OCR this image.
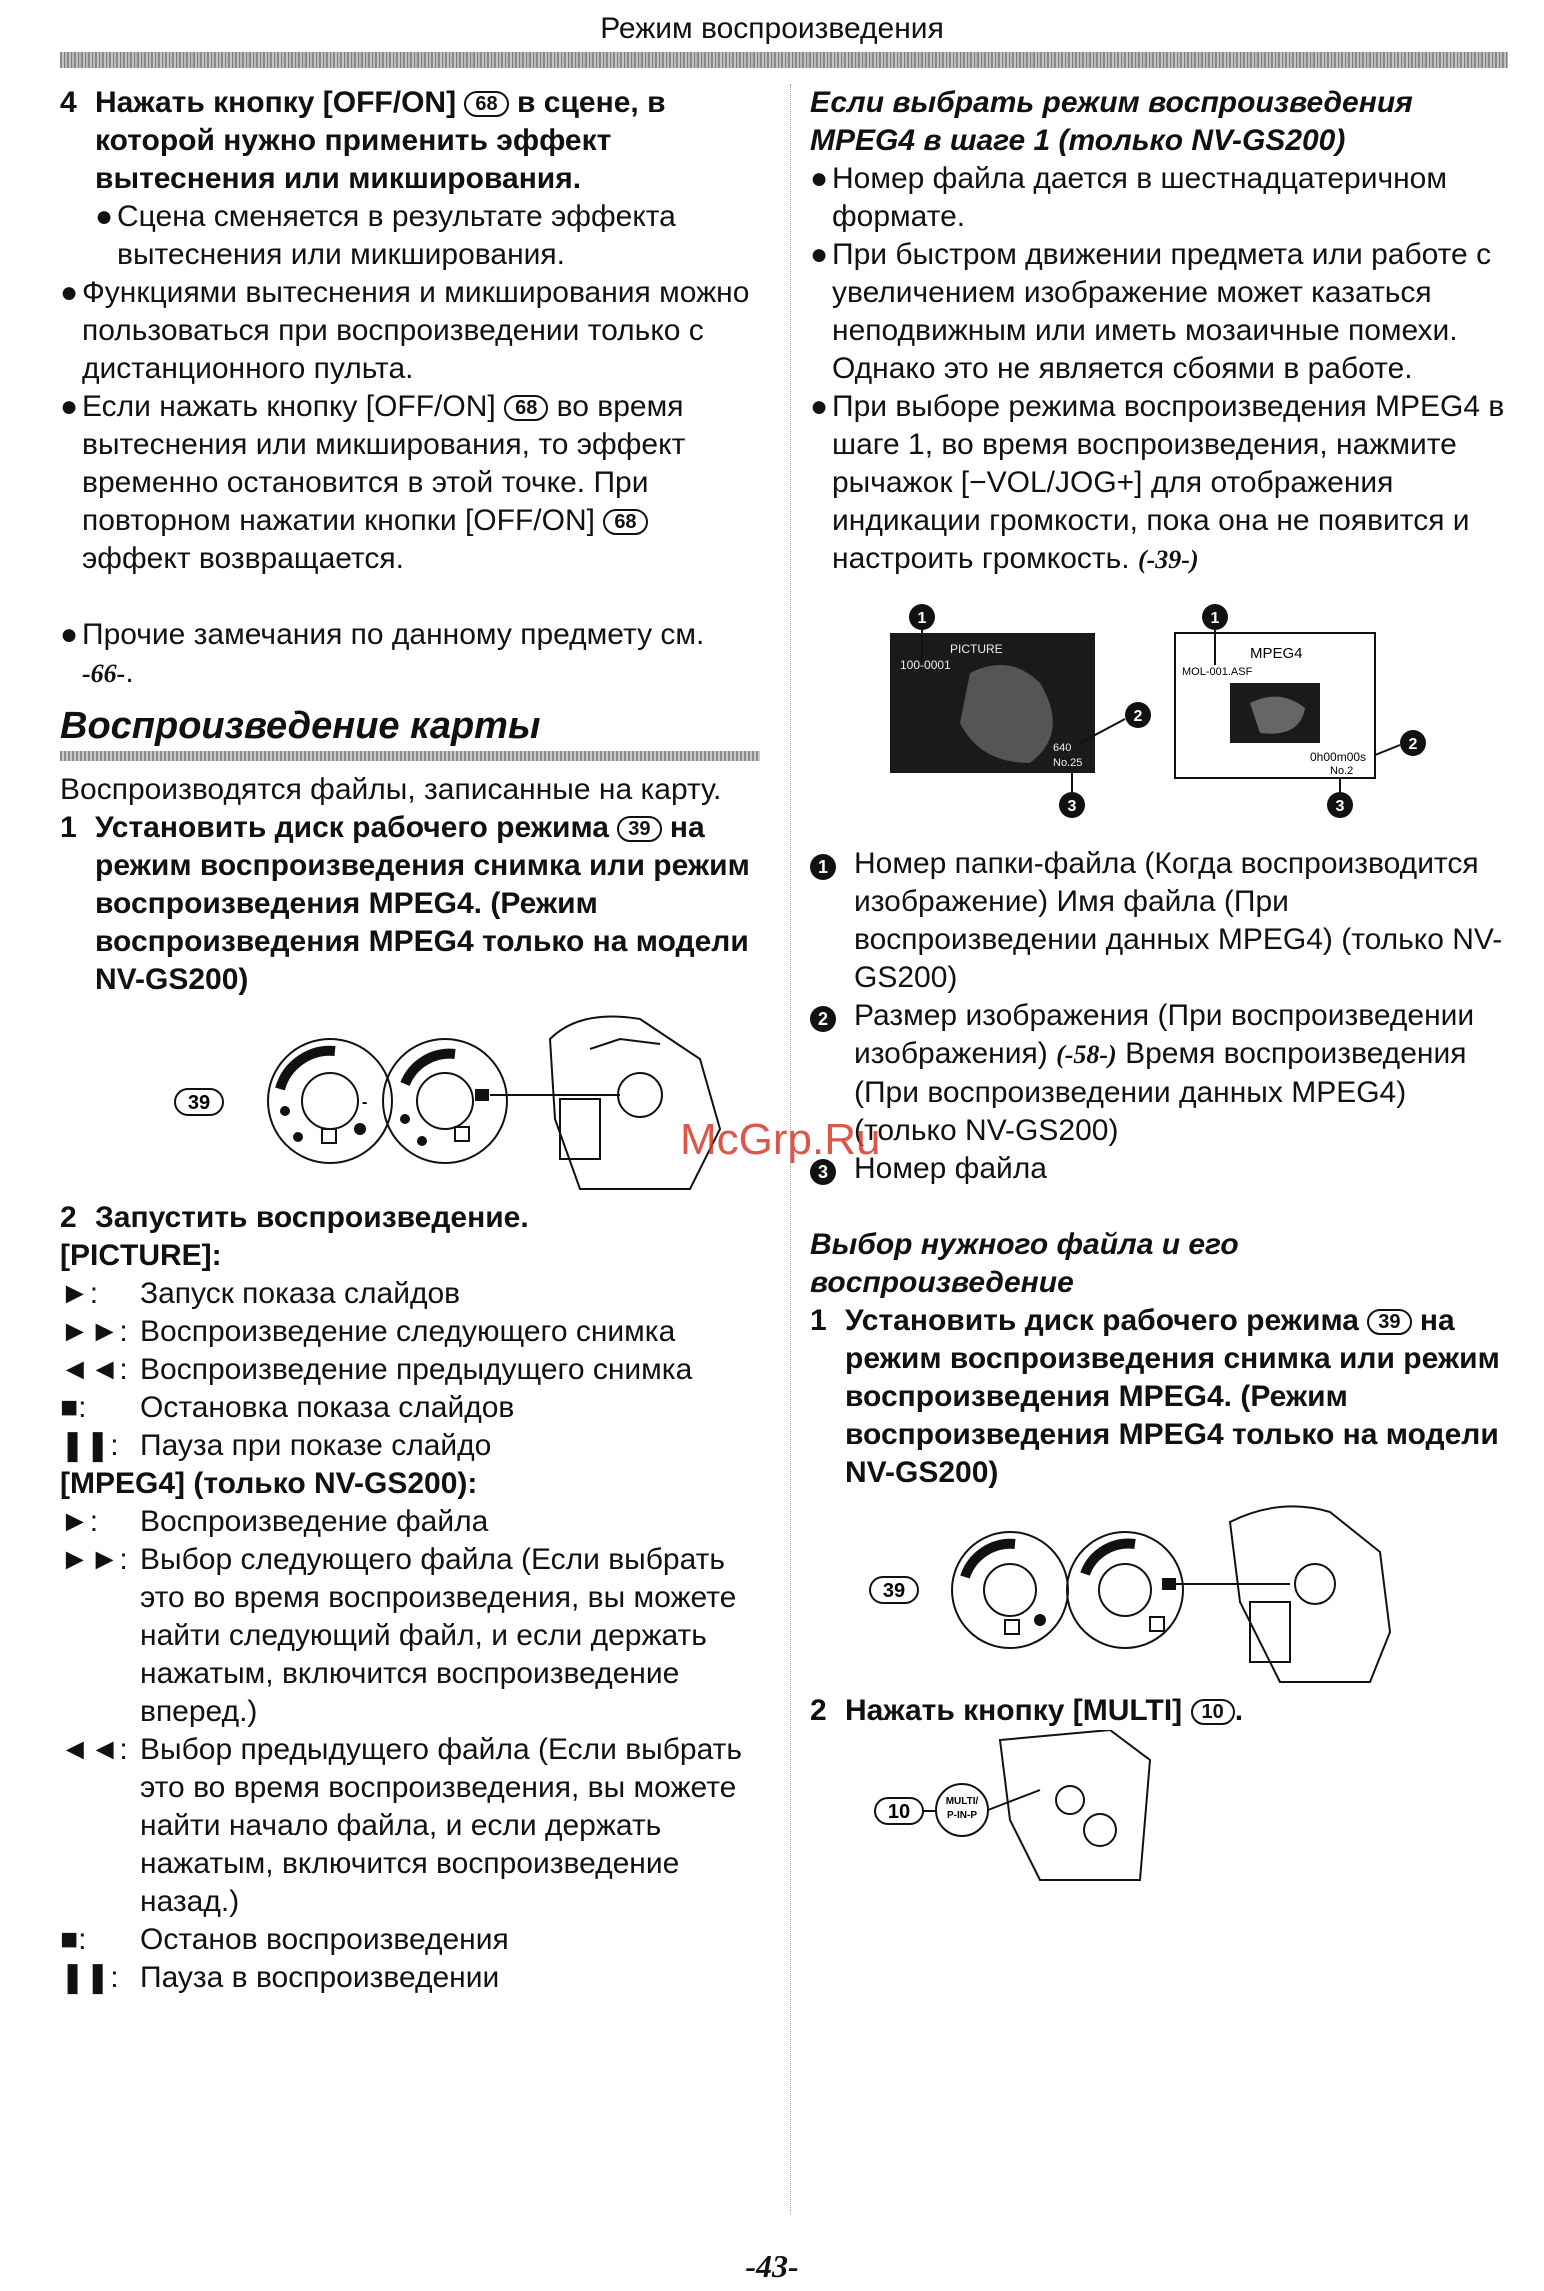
Режим воспроизведения
4 Нажать кнопку [OFF/ON] 68 в сцене, в которой нужно применить эффект вытеснения или микширования.
● Сцена сменяется в результате эффекта вытеснения или микширования.
● Функциями вытеснения и микширования можно пользоваться при воспроизведении только с дистанционного пульта.
● Если нажать кнопку [OFF/ON] 68 во время вытеснения или микширования, то эффект временно остановится в этой точке. При повторном нажатии кнопки [OFF/ON] 68 эффект возвращается.
● Прочие замечания по данному предмету см. -66-.
Воспроизведение карты
Воспроизводятся файлы, записанные на карту.
1 Установить диск рабочего режима 39 на режим воспроизведения снимка или режим воспроизведения MPEG4. (Режим воспроизведения MPEG4 только на модели NV-GS200)
39	-
2 Запустить воспроизведение.
[PICTURE]:
►:	Запуск показа слайдов
►►: Воспроизведение следующего снимка
◄◄: Воспроизведение предыдущего снимка
■:	Остановка показа слайдов
❚❚: Пауза при показе слайдо
[MPEG4] (только NV-GS200):
►:	Воспроизведение файла
►►: Выбор следующего файла (Если выбрать это во время воспроизведения, вы можете найти следующий файл, и если держать нажатым, включится воспроизведение вперед.)
◄◄: Выбор предыдущего файла (Если выбрать это во время воспроизведения, вы можете найти начало файла, и если держать нажатым, включится воспроизведение назад.)
■:	Останов воспроизведения
❚❚: Пауза в воспроизведении
Если выбрать режим воспроизведения MPEG4 в шаге 1 (только NV-GS200)
● Номер файла дается в шестнадцатеричном формате.
● При быстром движении предмета или работе с увеличением изображение может казаться неподвижным или иметь мозаичные помехи. Однако это не является сбоями в работе.
● При выборе режима воспроизведения MPEG4 в шаге 1, во время воспроизведения, нажмите рычажок [−VOL/JOG+] для отображения индикации громкости, пока она не появится и настроить громкость. (-39-)
PICTURE
100-0001
640
No.25
1
2
3
MPEG4
MOL-001.ASF
0h00m00s
No.2
1
2
3
1 Номер папки-файла (Когда воспроизводится изображение) Имя файла (При воспроизведении данных MPEG4) (только NV-GS200)
2 Размер изображения (При воспроизведении изображения) (-58-) Время воспроизведения (При воспроизведении данных MPEG4) (только NV-GS200)
3 Номер файла
Выбор нужного файла и его воспроизведение
1 Установить диск рабочего режима 39 на режим воспроизведения снимка или режим воспроизведения MPEG4. (Режим воспроизведения MPEG4 только на модели NV-GS200)
39
2 Нажать кнопку [MULTI] 10 .
10	MULTI/
P-IN-P
MULTI/P-IN-P
McGrp.Ru
-43-
